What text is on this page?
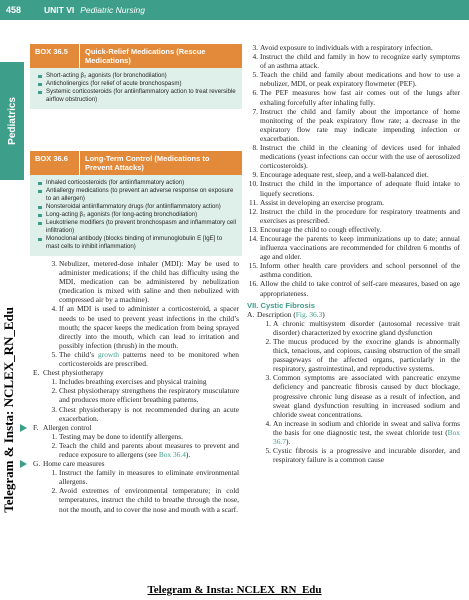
458	UNIT VI Pediatric Nursing
Pediatrics
Telegram & Insta: NCLEX_RN_Edu
BOX 36.5	Quick-Relief Medications (Rescue Medications)
Short-acting β₂ agonists (for bronchodilation)
Anticholinergics (for relief of acute bronchospasm)
Systemic corticosteroids (for antiinflammatory action to treat reversible airflow obstruction)
BOX 36.6	Long-Term Control (Medications to Prevent Attacks)
Inhaled corticosteroids (for antiinflammatory action)
Antiallergy medications (to prevent an adverse response on exposure to an allergen)
Nonsteroidal antiinflammatory drugs (for antiinflammatory action)
Long-acting β₂ agonists (for long-acting bronchodilation)
Leukotriene modifiers (to prevent bronchospasm and inflammatory cell infiltration)
Monoclonal antibody (blocks binding of immunoglobulin E [IgE] to mast cells to inhibit inflammation)
3. Nebulizer, metered-dose inhaler (MDI): May be used to administer medications; if the child has difficulty using the MDI, medication can be administered by nebulization (medication is mixed with saline and then nebulized with compressed air by a machine).
4. If an MDI is used to administer a corticosteroid, a spacer needs to be used to prevent yeast infections in the child’s mouth; the spacer keeps the medication from being sprayed directly into the mouth, which can lead to irritation and possibly infection (thrush) in the mouth.
5. The child’s growth patterns need to be monitored when corticosteroids are prescribed.
E. Chest physiotherapy
1. Includes breathing exercises and physical training
2. Chest physiotherapy strengthens the respiratory musculature and produces more efficient breathing patterns.
3. Chest physiotherapy is not recommended during an acute exacerbation.
F. Allergen control
1. Testing may be done to identify allergens.
2. Teach the child and parents about measures to prevent and reduce exposure to allergens (see Box 36.4).
G. Home care measures
1. Instruct the family in measures to eliminate environmental allergens.
2. Avoid extremes of environmental temperature; in cold temperatures, instruct the child to breathe through the nose, not the mouth, and to cover the nose and mouth with a scarf.
3. Avoid exposure to individuals with a respiratory infection.
4. Instruct the child and family in how to recognize early symptoms of an asthma attack.
5. Teach the child and family about medications and how to use a nebulizer, MDI, or peak expiratory flowmeter (PEF).
6. The PEF measures how fast air comes out of the lungs after exhaling forcefully after inhaling fully.
7. Instruct the child and family about the importance of home monitoring of the peak expiratory flow rate; a decrease in the expiratory flow rate may indicate impending infection or exacerbation.
8. Instruct the child in the cleaning of devices used for inhaled medications (yeast infections can occur with the use of aerosolized corticosteroids).
9. Encourage adequate rest, sleep, and a well-balanced diet.
10. Instruct the child in the importance of adequate fluid intake to liquefy secretions.
11. Assist in developing an exercise program.
12. Instruct the child in the procedure for respiratory treatments and exercises as prescribed.
13. Encourage the child to cough effectively.
14. Encourage the parents to keep immunizations up to date; annual influenza vaccinations are recommended for children 6 months of age and older.
15. Inform other health care providers and school personnel of the asthma condition.
16. Allow the child to take control of self-care measures, based on age appropriateness.
VII. Cystic Fibrosis
A. Description (Fig. 36.3)
1. A chronic multisystem disorder (autosomal recessive trait disorder) characterized by exocrine gland dysfunction
2. The mucus produced by the exocrine glands is abnormally thick, tenacious, and copious, causing obstruction of the small passageways of the affected organs, particularly in the respiratory, gastrointestinal, and reproductive systems.
3. Common symptoms are associated with pancreatic enzyme deficiency and pancreatic fibrosis caused by duct blockage, progressive chronic lung disease as a result of infection, and sweat gland dysfunction resulting in increased sodium and chloride sweat concentrations.
4. An increase in sodium and chloride in sweat and saliva forms the basis for one diagnostic test, the sweat chloride test (Box 36.7).
5. Cystic fibrosis is a progressive and incurable disorder, and respiratory failure is a common cause
Telegram & Insta: NCLEX_RN_Edu
